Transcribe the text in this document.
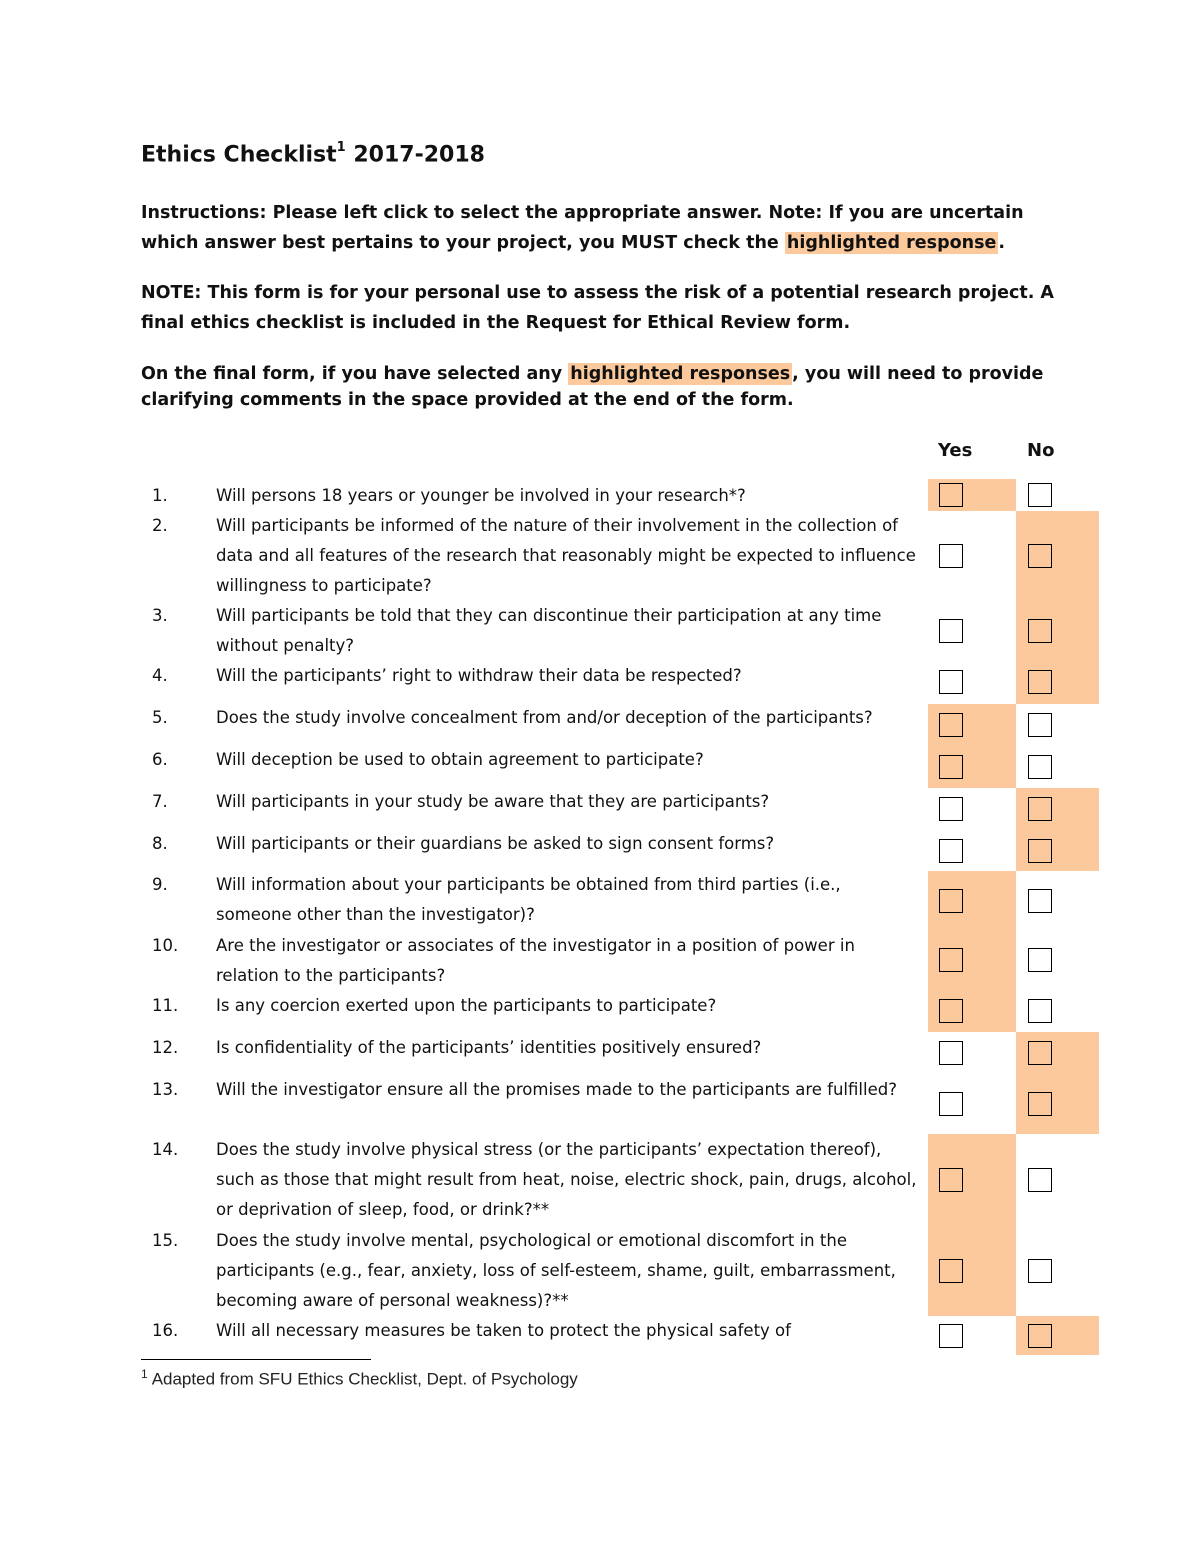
Ethics Checklist$^1$ 2017-2018

Instructions: Please left click to select the appropriate answer. Note: If you are uncertain which answer best pertains to your project, you MUST check the highlighted response .

NOTE: This form is for your personal use to assess the risk of a potential research project. A final ethics checklist is included in the Request for Ethical Review form.

On the final form, if you have selected any highlighted responses , you will need to provide clarifying comments in the space provided at the end of the form.

Yes	No
1.	Will persons 18 years or younger be involved in your research*?
2.	Will participants be informed of the nature of their involvement in the collection of data and all features of the research that reasonably might be expected to influence willingness to participate?
3.	Will participants be told that they can discontinue their participation at any time without penalty?
4.	Will the participants’ right to withdraw their data be respected?
5.	Does the study involve concealment from and/or deception of the participants?
6.	Will deception be used to obtain agreement to participate?
7.	Will participants in your study be aware that they are participants?
8.	Will participants or their guardians be asked to sign consent forms?
9.	Will information about your participants be obtained from third parties (i.e., someone other than the investigator)?
10. Are the investigator or associates of the investigator in a position of power in relation to the participants?
11. Is any coercion exerted upon the participants to participate?
12. Is confidentiality of the participants’ identities positively ensured?
13. Will the investigator ensure all the promises made to the participants are fulfilled?
14. Does the study involve physical stress (or the participants’ expectation thereof), such as those that might result from heat, noise, electric shock, pain, drugs, alcohol, or deprivation of sleep, food, or drink?**
15. Does the study involve mental, psychological or emotional discomfort in the participants (e.g., fear, anxiety, loss of self-esteem, shame, guilt, embarrassment, becoming aware of personal weakness)?**
16. Will all necessary measures be taken to protect the physical safety of
$^1$ Adapted from SFU Ethics Checklist, Dept. of Psychology
